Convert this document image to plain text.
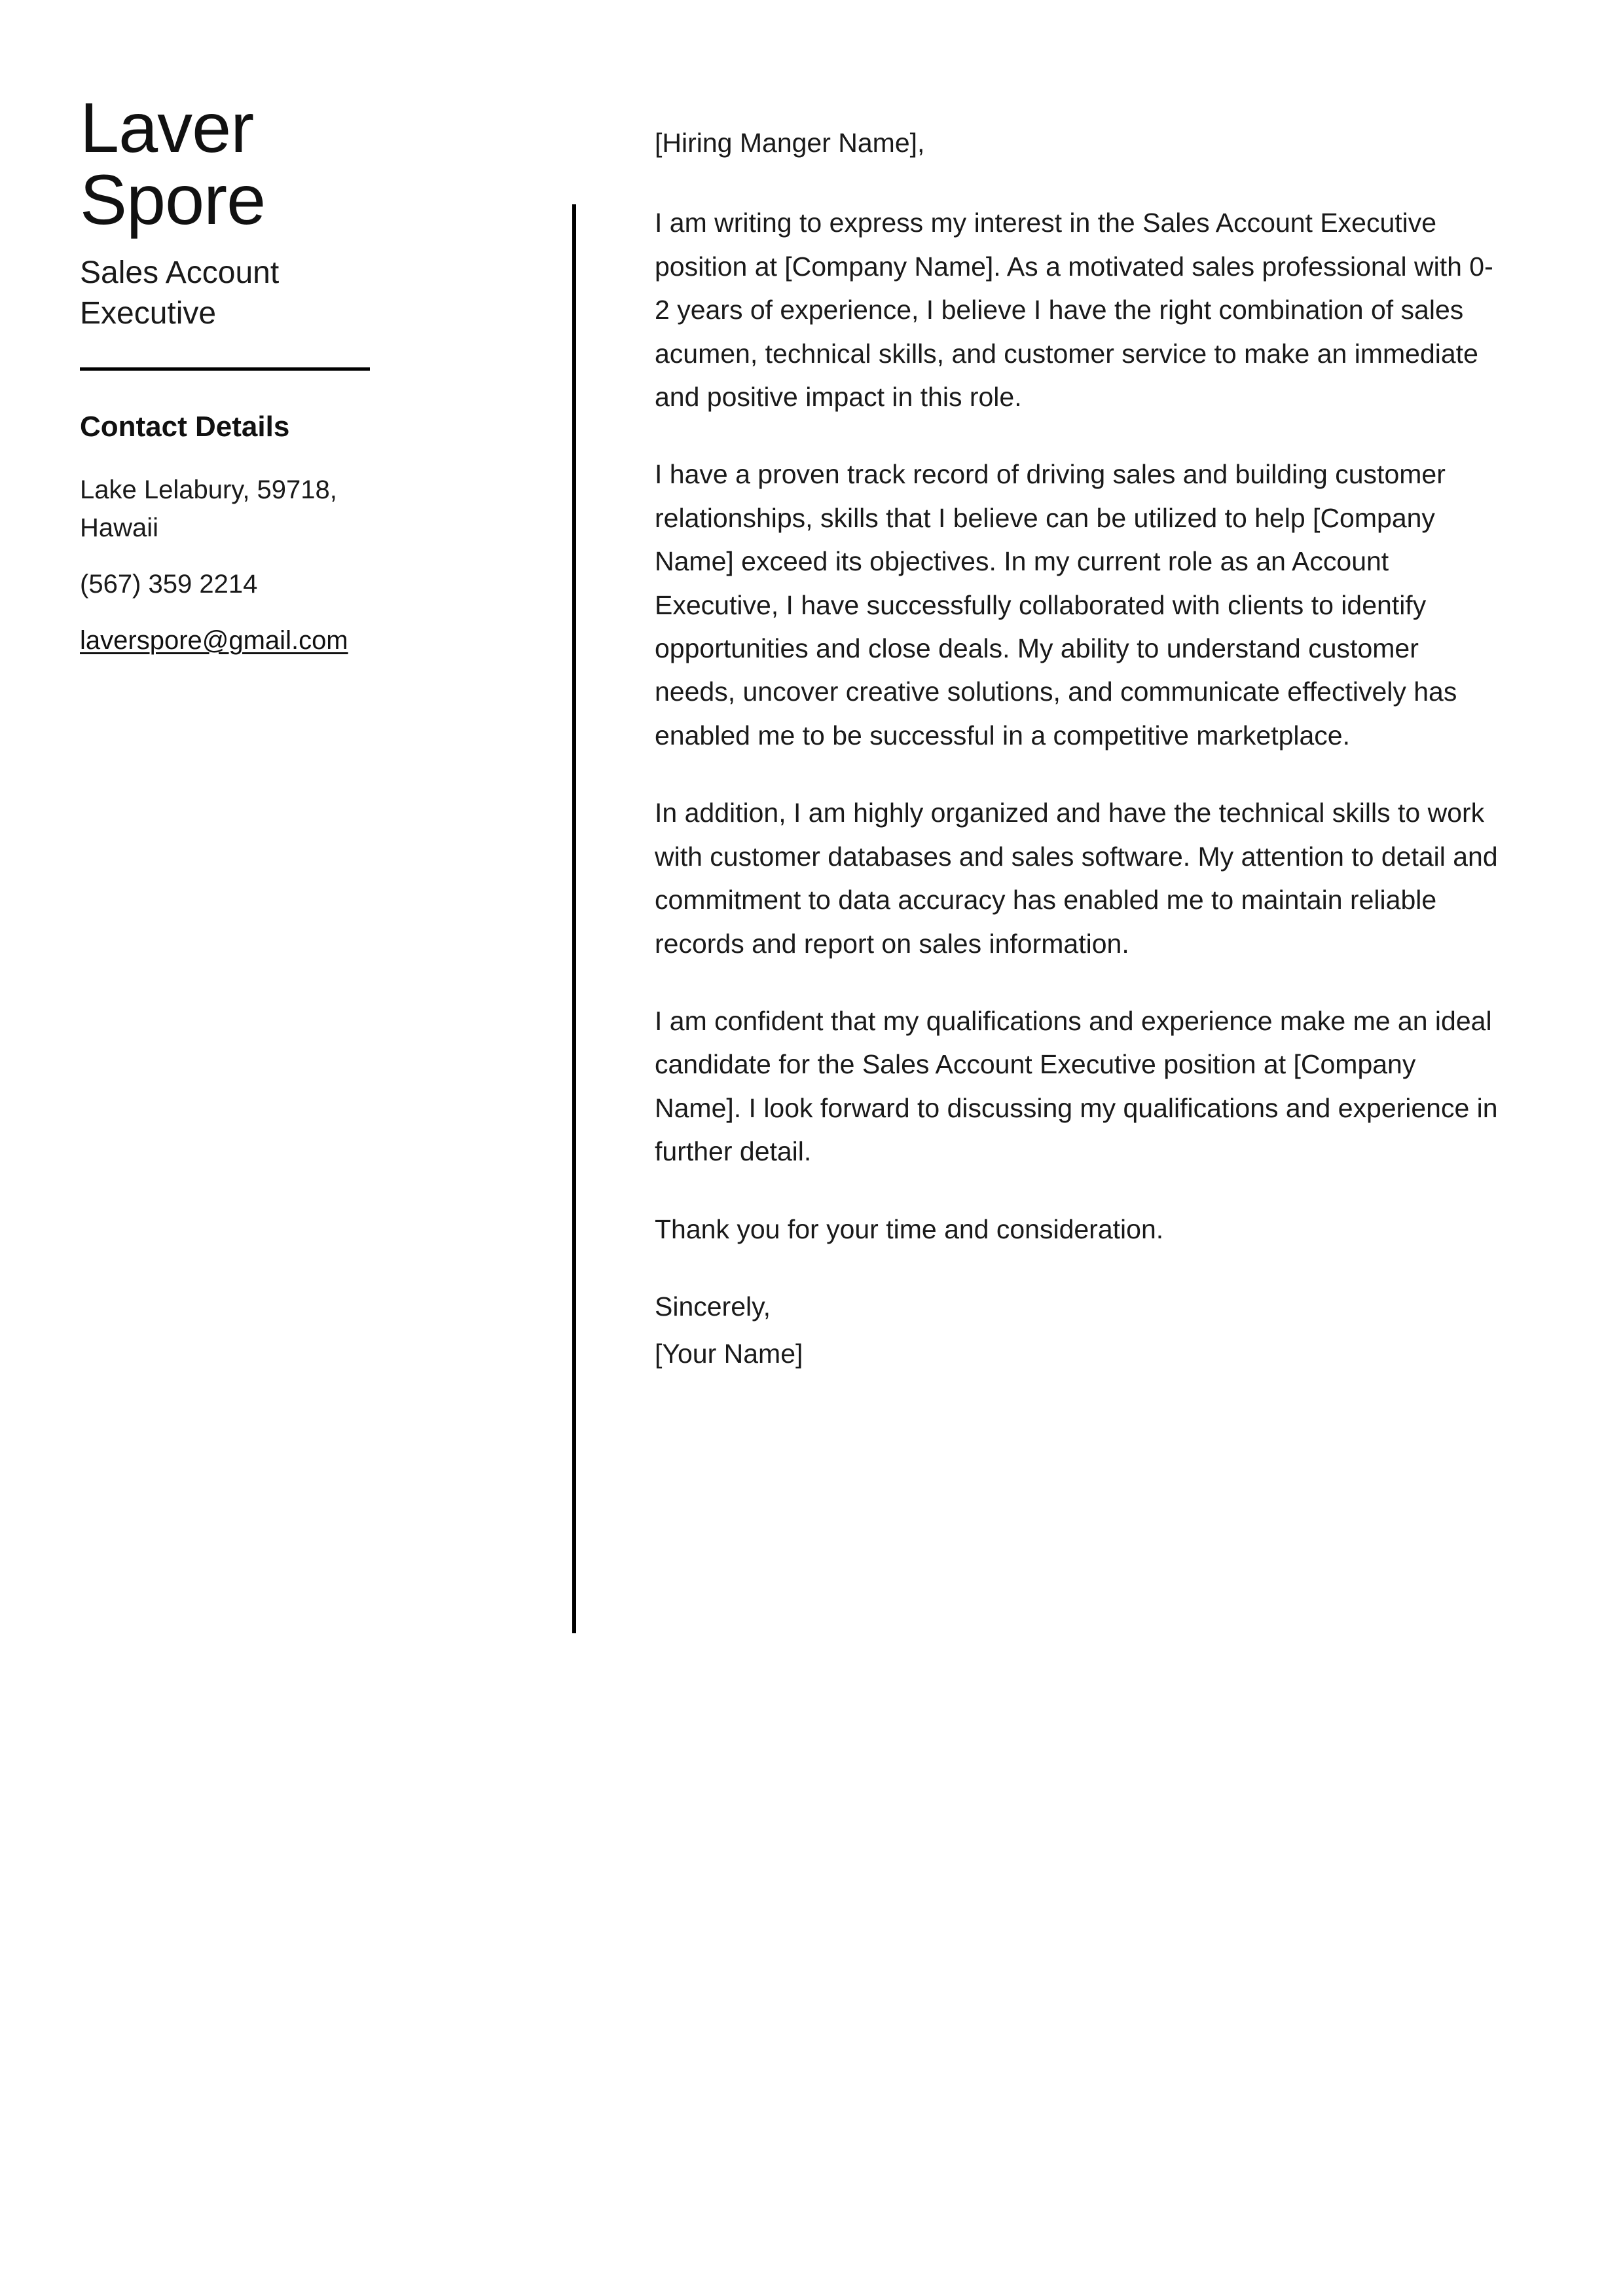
Laver
Spore
Sales Account Executive
Contact Details
Lake Lelabury, 59718, Hawaii
(567) 359 2214
laverspore@gmail.com

[Hiring Manger Name],

I am writing to express my interest in the Sales Account Executive position at [Company Name]. As a motivated sales professional with 0-2 years of experience, I believe I have the right combination of sales acumen, technical skills, and customer service to make an immediate and positive impact in this role.

I have a proven track record of driving sales and building customer relationships, skills that I believe can be utilized to help [Company Name] exceed its objectives. In my current role as an Account Executive, I have successfully collaborated with clients to identify opportunities and close deals. My ability to understand customer needs, uncover creative solutions, and communicate effectively has enabled me to be successful in a competitive marketplace.

In addition, I am highly organized and have the technical skills to work with customer databases and sales software. My attention to detail and commitment to data accuracy has enabled me to maintain reliable records and report on sales information.

I am confident that my qualifications and experience make me an ideal candidate for the Sales Account Executive position at [Company Name]. I look forward to discussing my qualifications and experience in further detail.

Thank you for your time and consideration.

Sincerely,

[Your Name]
